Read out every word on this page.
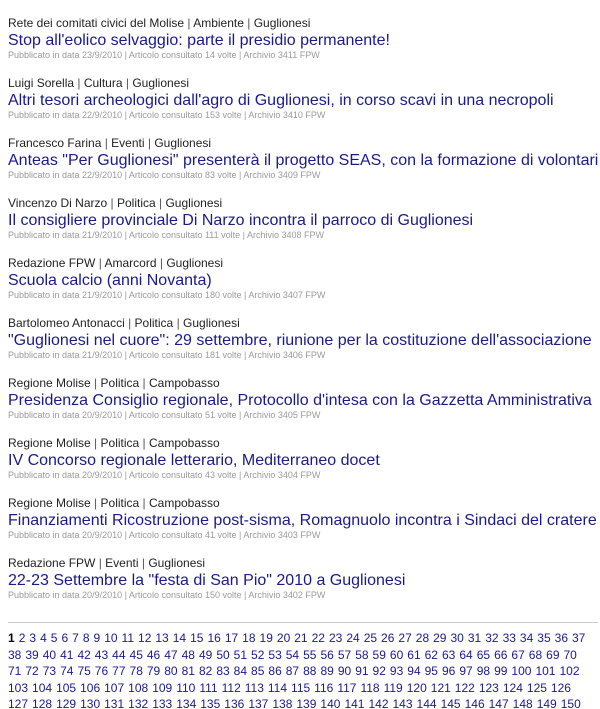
Rete dei comitati civici del Molise | Ambiente | Guglionesi
Stop all'eolico selvaggio: parte il presidio permanente!
Pubblicato in data 23/9/2010 | Articolo consultato 14 volte | Archivio 3411 FPW
Luigi Sorella | Cultura | Guglionesi
Altri tesori archeologici dall'agro di Guglionesi, in corso scavi in una necropoli
Pubblicato in data 22/9/2010 | Articolo consultato 153 volte | Archivio 3410 FPW
Francesco Farina | Eventi | Guglionesi
Anteas "Per Guglionesi" presenterà il progetto SEAS, con la formazione di volontari
Pubblicato in data 22/9/2010 | Articolo consultato 83 volte | Archivio 3409 FPW
Vincenzo Di Narzo | Politica | Guglionesi
Il consigliere provinciale Di Narzo incontra il parroco di Guglionesi
Pubblicato in data 21/9/2010 | Articolo consultato 111 volte | Archivio 3408 FPW
Redazione FPW | Amarcord | Guglionesi
Scuola calcio (anni Novanta)
Pubblicato in data 21/9/2010 | Articolo consultato 180 volte | Archivio 3407 FPW
Bartolomeo Antonacci | Politica | Guglionesi
"Guglionesi nel cuore": 29 settembre, riunione per la costituzione dell'associazione
Pubblicato in data 21/9/2010 | Articolo consultato 181 volte | Archivio 3406 FPW
Regione Molise | Politica | Campobasso
Presidenza Consiglio regionale, Protocollo d'intesa con la Gazzetta Amministrativa
Pubblicato in data 20/9/2010 | Articolo consultato 51 volte | Archivio 3405 FPW
Regione Molise | Politica | Campobasso
IV Concorso regionale letterario, Mediterraneo docet
Pubblicato in data 20/9/2010 | Articolo consultato 43 volte | Archivio 3404 FPW
Regione Molise | Politica | Campobasso
Finanziamenti Ricostruzione post-sisma, Romagnuolo incontra i Sindaci del cratere
Pubblicato in data 20/9/2010 | Articolo consultato 41 volte | Archivio 3403 FPW
Redazione FPW | Eventi | Guglionesi
22-23 Settembre la "festa di San Pio" 2010 a Guglionesi
Pubblicato in data 20/9/2010 | Articolo consultato 150 volte | Archivio 3402 FPW
1 2 3 4 5 6 7 8 9 10 11 12 13 14 15 16 17 18 19 20 21 22 23 24 25 26 27 28 29 30 31 32 33 34 35 36 37
38 39 40 41 42 43 44 45 46 47 48 49 50 51 52 53 54 55 56 57 58 59 60 61 62 63 64 65 66 67 68 69 70
71 72 73 74 75 76 77 78 79 80 81 82 83 84 85 86 87 88 89 90 91 92 93 94 95 96 97 98 99 100 101 102
103 104 105 106 107 108 109 110 111 112 113 114 115 116 117 118 119 120 121 122 123 124 125 126
127 128 129 130 131 132 133 134 135 136 137 138 139 140 141 142 143 144 145 146 147 148 149 150
